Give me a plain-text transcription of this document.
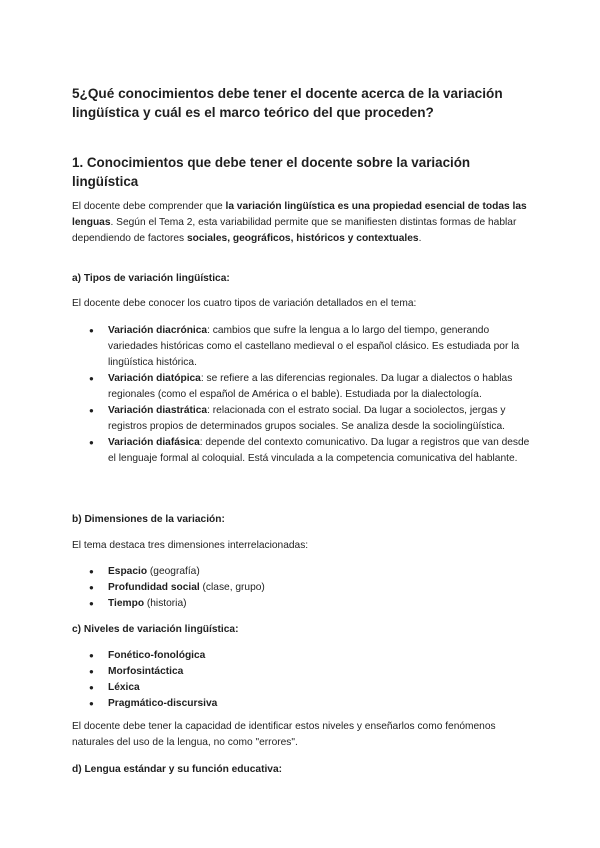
5¿Qué conocimientos debe tener el docente acerca de la variación lingüística y cuál es el marco teórico del que proceden?
1. Conocimientos que debe tener el docente sobre la variación lingüística
El docente debe comprender que la variación lingüística es una propiedad esencial de todas las lenguas. Según el Tema 2, esta variabilidad permite que se manifiesten distintas formas de hablar dependiendo de factores sociales, geográficos, históricos y contextuales.
a) Tipos de variación lingüística:
El docente debe conocer los cuatro tipos de variación detallados en el tema:
● Variación diacrónica: cambios que sufre la lengua a lo largo del tiempo, generando variedades históricas como el castellano medieval o el español clásico. Es estudiada por la lingüística histórica.
● Variación diatópica: se refiere a las diferencias regionales. Da lugar a dialectos o hablas regionales (como el español de América o el bable). Estudiada por la dialectología.
● Variación diastrática: relacionada con el estrato social. Da lugar a sociolectos, jergas y registros propios de determinados grupos sociales. Se analiza desde la sociolingüística.
● Variación diafásica: depende del contexto comunicativo. Da lugar a registros que van desde el lenguaje formal al coloquial. Está vinculada a la competencia comunicativa del hablante.
b) Dimensiones de la variación:
El tema destaca tres dimensiones interrelacionadas:
● Espacio (geografía)
● Profundidad social (clase, grupo)
● Tiempo (historia)
c) Niveles de variación lingüística:
● Fonético-fonológica
● Morfosintáctica
● Léxica
● Pragmático-discursiva
El docente debe tener la capacidad de identificar estos niveles y enseñarlos como fenómenos naturales del uso de la lengua, no como "errores".
d) Lengua estándar y su función educativa:
